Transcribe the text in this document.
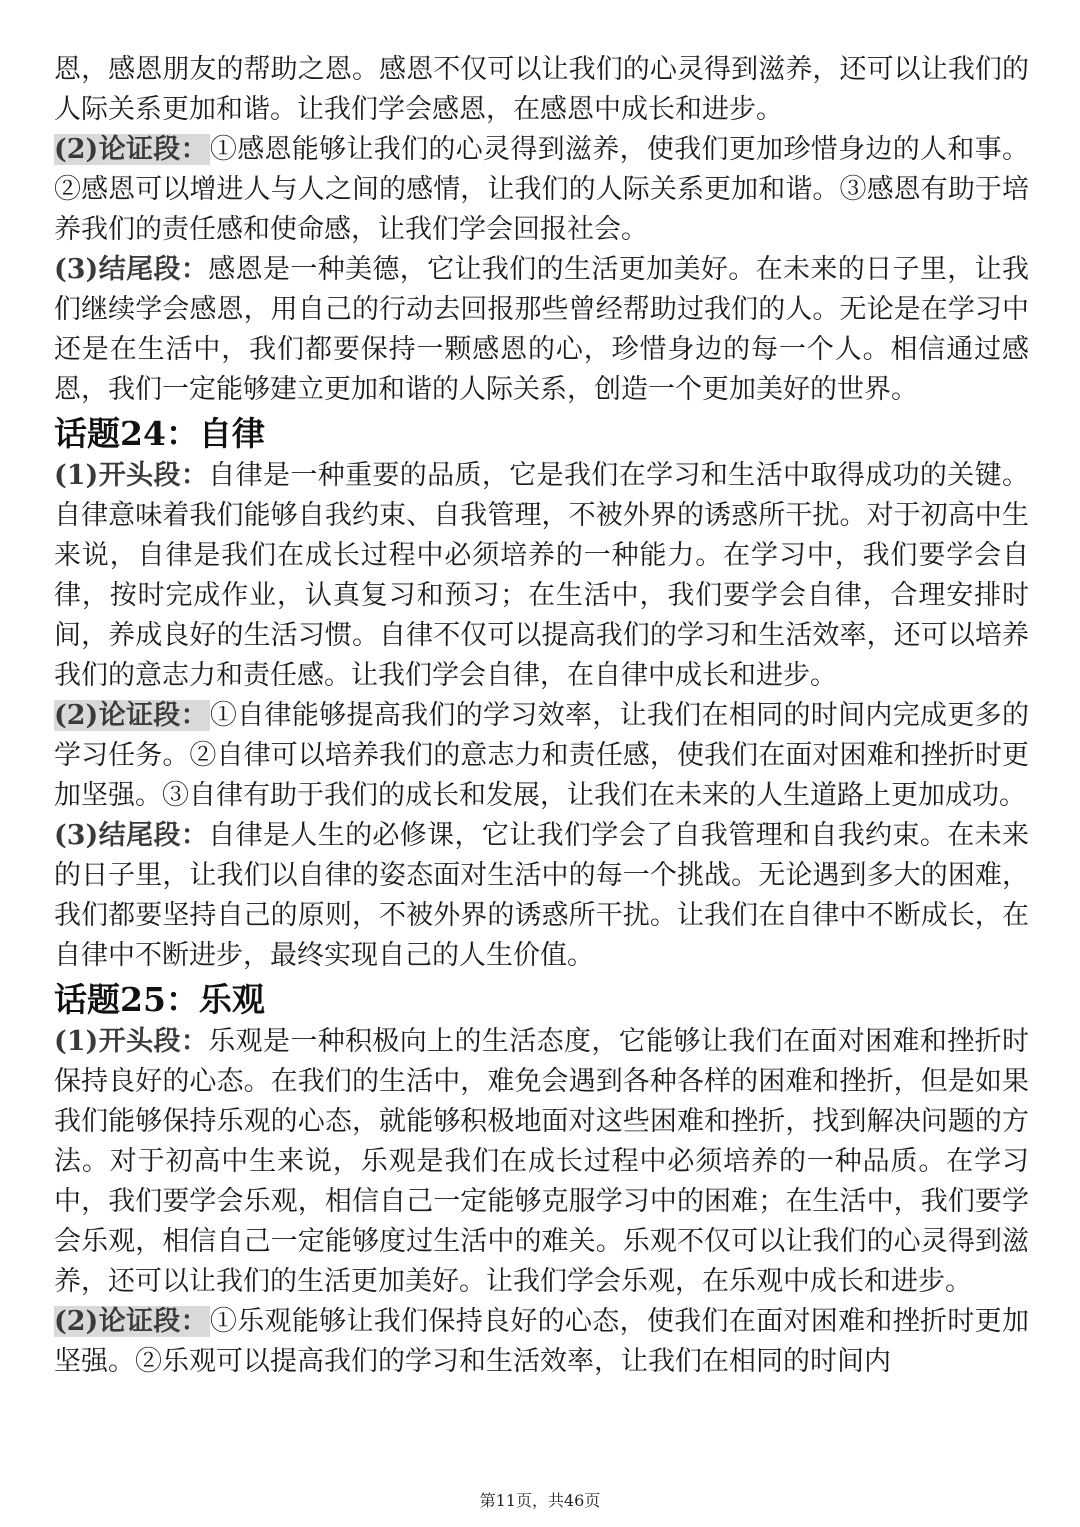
恩，感恩朋友的帮助之恩。感恩不仅可以让我们的心灵得到滋养，还可以让我们的人际关系更加和谐。让我们学会感恩，在感恩中成长和进步。

(2)论证段：①感恩能够让我们的心灵得到滋养，使我们更加珍惜身边的人和事。②感恩可以增进人与人之间的感情，让我们的人际关系更加和谐。③感恩有助于培养我们的责任感和使命感，让我们学会回报社会。

(3)结尾段：感恩是一种美德，它让我们的生活更加美好。在未来的日子里，让我们继续学会感恩，用自己的行动去回报那些曾经帮助过我们的人。无论是在学习中还是在生活中，我们都要保持一颗感恩的心，珍惜身边的每一个人。相信通过感恩，我们一定能够建立更加和谐的人际关系，创造一个更加美好的世界。

话题24：自律

(1)开头段：自律是一种重要的品质，它是我们在学习和生活中取得成功的关键。自律意味着我们能够自我约束、自我管理，不被外界的诱惑所干扰。对于初高中生来说，自律是我们在成长过程中必须培养的一种能力。在学习中，我们要学会自律，按时完成作业，认真复习和预习；在生活中，我们要学会自律，合理安排时间，养成良好的生活习惯。自律不仅可以提高我们的学习和生活效率，还可以培养我们的意志力和责任感。让我们学会自律，在自律中成长和进步。

(2)论证段：①自律能够提高我们的学习效率，让我们在相同的时间内完成更多的学习任务。②自律可以培养我们的意志力和责任感，使我们在面对困难和挫折时更加坚强。③自律有助于我们的成长和发展，让我们在未来的人生道路上更加成功。

(3)结尾段：自律是人生的必修课，它让我们学会了自我管理和自我约束。在未来的日子里，让我们以自律的姿态面对生活中的每一个挑战。无论遇到多大的困难，我们都要坚持自己的原则，不被外界的诱惑所干扰。让我们在自律中不断成长，在自律中不断进步，最终实现自己的人生价值。

话题25：乐观

(1)开头段：乐观是一种积极向上的生活态度，它能够让我们在面对困难和挫折时保持良好的心态。在我们的生活中，难免会遇到各种各样的困难和挫折，但是如果我们能够保持乐观的心态，就能够积极地面对这些困难和挫折，找到解决问题的方法。对于初高中生来说，乐观是我们在成长过程中必须培养的一种品质。在学习中，我们要学会乐观，相信自己一定能够克服学习中的困难；在生活中，我们要学会乐观，相信自己一定能够度过生活中的难关。乐观不仅可以让我们的心灵得到滋养，还可以让我们的生活更加美好。让我们学会乐观，在乐观中成长和进步。

(2)论证段：①乐观能够让我们保持良好的心态，使我们在面对困难和挫折时更加坚强。②乐观可以提高我们的学习和生活效率，让我们在相同的时间内

第11页，共46页
